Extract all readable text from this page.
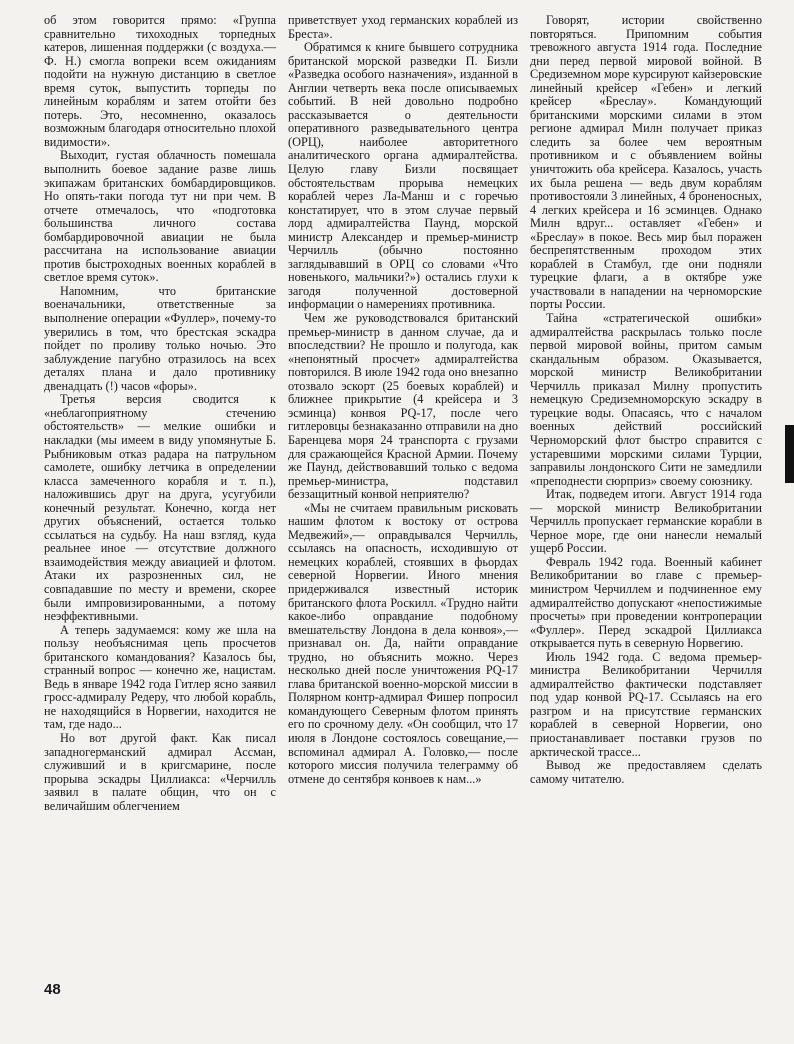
об этом говорится прямо: «Группа сравнительно тихоходных торпедных катеров, лишенная поддержки (с воздуха.— Ф. Н.) смогла вопреки всем ожиданиям подойти на нужную дистанцию в светлое время суток, выпустить торпеды по линейным кораблям и затем отойти без потерь. Это, несомненно, оказалось возможным благодаря относительно плохой видимости».

Выходит, густая облачность помешала выполнить боевое задание разве лишь экипажам британских бомбардировщиков. Но опять-таки погода тут ни при чем. В отчете отмечалось, что «подготовка большинства личного состава бомбардировочной авиации не была рассчитана на использование авиации против быстроходных военных кораблей в светлое время суток».

Напомним, что британские военачальники, ответственные за выполнение операции «Фуллер», почему-то уверились в том, что брестская эскадра пойдет по проливу только ночью. Это заблуждение пагубно отразилось на всех деталях плана и дало противнику двенадцать (!) часов «форы».

Третья версия сводится к «неблагоприятному стечению обстоятельств» — мелкие ошибки и накладки (мы имеем в виду упомянутые Б. Рыбниковым отказ радара на патрульном самолете, ошибку летчика в определении класса замеченного корабля и т. п.), наложившись друг на друга, усугубили конечный результат. Конечно, когда нет других объяснений, остается только ссылаться на судьбу. На наш взгляд, куда реальнее иное — отсутствие должного взаимодействия между авиацией и флотом. Атаки их разрозненных сил, не совпадавшие по месту и времени, скорее были импровизированными, а потому неэффективными.

А теперь задумаемся: кому же шла на пользу необъяснимая цепь просчетов британского командования? Казалось бы, странный вопрос — конечно же, нацистам. Ведь в январе 1942 года Гитлер ясно заявил гросс-адмиралу Редеру, что любой корабль, не находящийся в Норвегии, находится не там, где надо...

Но вот другой факт. Как писал западногерманский адмирал Ассман, служивший и в кригсмарине, после прорыва эскадры Циллиакса: «Черчилль заявил в палате общин, что он с величайшим облегчением

приветствует уход германских кораблей из Бреста».

Обратимся к книге бывшего сотрудника британской морской разведки П. Бизли «Разведка особого назначения», изданной в Англии четверть века после описываемых событий. В ней довольно подробно рассказывается о деятельности оперативного разведывательного центра (ОРЦ), наиболее авторитетного аналитического органа адмиралтейства. Целую главу Бизли посвящает обстоятельствам прорыва немецких кораблей через Ла-Манш и с горечью констатирует, что в этом случае первый лорд адмиралтейства Паунд, морской министр Александер и премьер-министр Черчилль (обычно постоянно заглядывавший в ОРЦ со словами «Что новенького, мальчики?») остались глухи к загодя полученной достоверной информации о намерениях противника.

Чем же руководствовался британский премьер-министр в данном случае, да и впоследствии? Не прошло и полугода, как «непонятный просчет» адмиралтейства повторился. В июле 1942 года оно внезапно отозвало эскорт (25 боевых кораблей) и ближнее прикрытие (4 крейсера и 3 эсминца) конвоя PQ-17, после чего гитлеровцы безнаказанно отправили на дно Баренцева моря 24 транспорта с грузами для сражающейся Красной Армии. Почему же Паунд, действовавший только с ведома премьер-министра, подставил беззащитный конвой неприятелю?

«Мы не считаем правильным рисковать нашим флотом к востоку от острова Медвежий»,— оправдывался Черчилль, ссылаясь на опасность, исходившую от немецких кораблей, стоявших в фьордах северной Норвегии. Иного мнения придерживался известный историк британского флота Роскилл. «Трудно найти какое-либо оправдание подобному вмешательству Лондона в дела конвоя»,— признавал он. Да, найти оправдание трудно, но объяснить можно. Через несколько дней после уничтожения PQ-17 глава британской военно-морской миссии в Полярном контр-адмирал Фишер попросил командующего Северным флотом принять его по срочному делу. «Он сообщил, что 17 июля в Лондоне состоялось совещание,— вспоминал адмирал А. Головко,— после которого миссия получила телеграмму об отмене до сентября конвоев к нам...»

Говорят, истории свойственно повторяться. Припомним события тревожного августа 1914 года. Последние дни перед первой мировой войной. В Средиземном море курсируют кайзеровские линейный крейсер «Гебен» и легкий крейсер «Бреслау». Командующий британскими морскими силами в этом регионе адмирал Милн получает приказ следить за более чем вероятным противником и с объявлением войны уничтожить оба крейсера. Казалось, участь их была решена — ведь двум кораблям противостояли 3 линейных, 4 броненосных, 4 легких крейсера и 16 эсминцев. Однако Милн вдруг... оставляет «Гебен» и «Бреслау» в покое. Весь мир был поражен беспрепятственным проходом этих кораблей в Стамбул, где они подняли турецкие флаги, а в октябре уже участвовали в нападении на черноморские порты России.

Тайна «стратегической ошибки» адмиралтейства раскрылась только после первой мировой войны, притом самым скандальным образом. Оказывается, морской министр Великобритании Черчилль приказал Милну пропустить немецкую Средиземноморскую эскадру в турецкие воды. Опасаясь, что с началом военных действий российский Черноморский флот быстро справится с устаревшими морскими силами Турции, заправилы лондонского Сити не замедлили «преподнести сюрприз» своему союзнику.

Итак, подведем итоги. Август 1914 года — морской министр Великобритании Черчилль пропускает германские корабли в Черное море, где они нанесли немалый ущерб России.

Февраль 1942 года. Военный кабинет Великобритании во главе с премьер-министром Черчиллем и подчиненное ему адмиралтейство допускают «непостижимые просчеты» при проведении контроперации «Фуллер». Перед эскадрой Циллиакса открывается путь в северную Норвегию.

Июль 1942 года. С ведома премьер-министра Великобритании Черчилля адмиралтейство фактически подставляет под удар конвой PQ-17. Ссылаясь на его разгром и на присутствие германских кораблей в северной Норвегии, оно приостанавливает поставки грузов по арктической трассе...

Вывод же предоставляем сделать самому читателю.

48
